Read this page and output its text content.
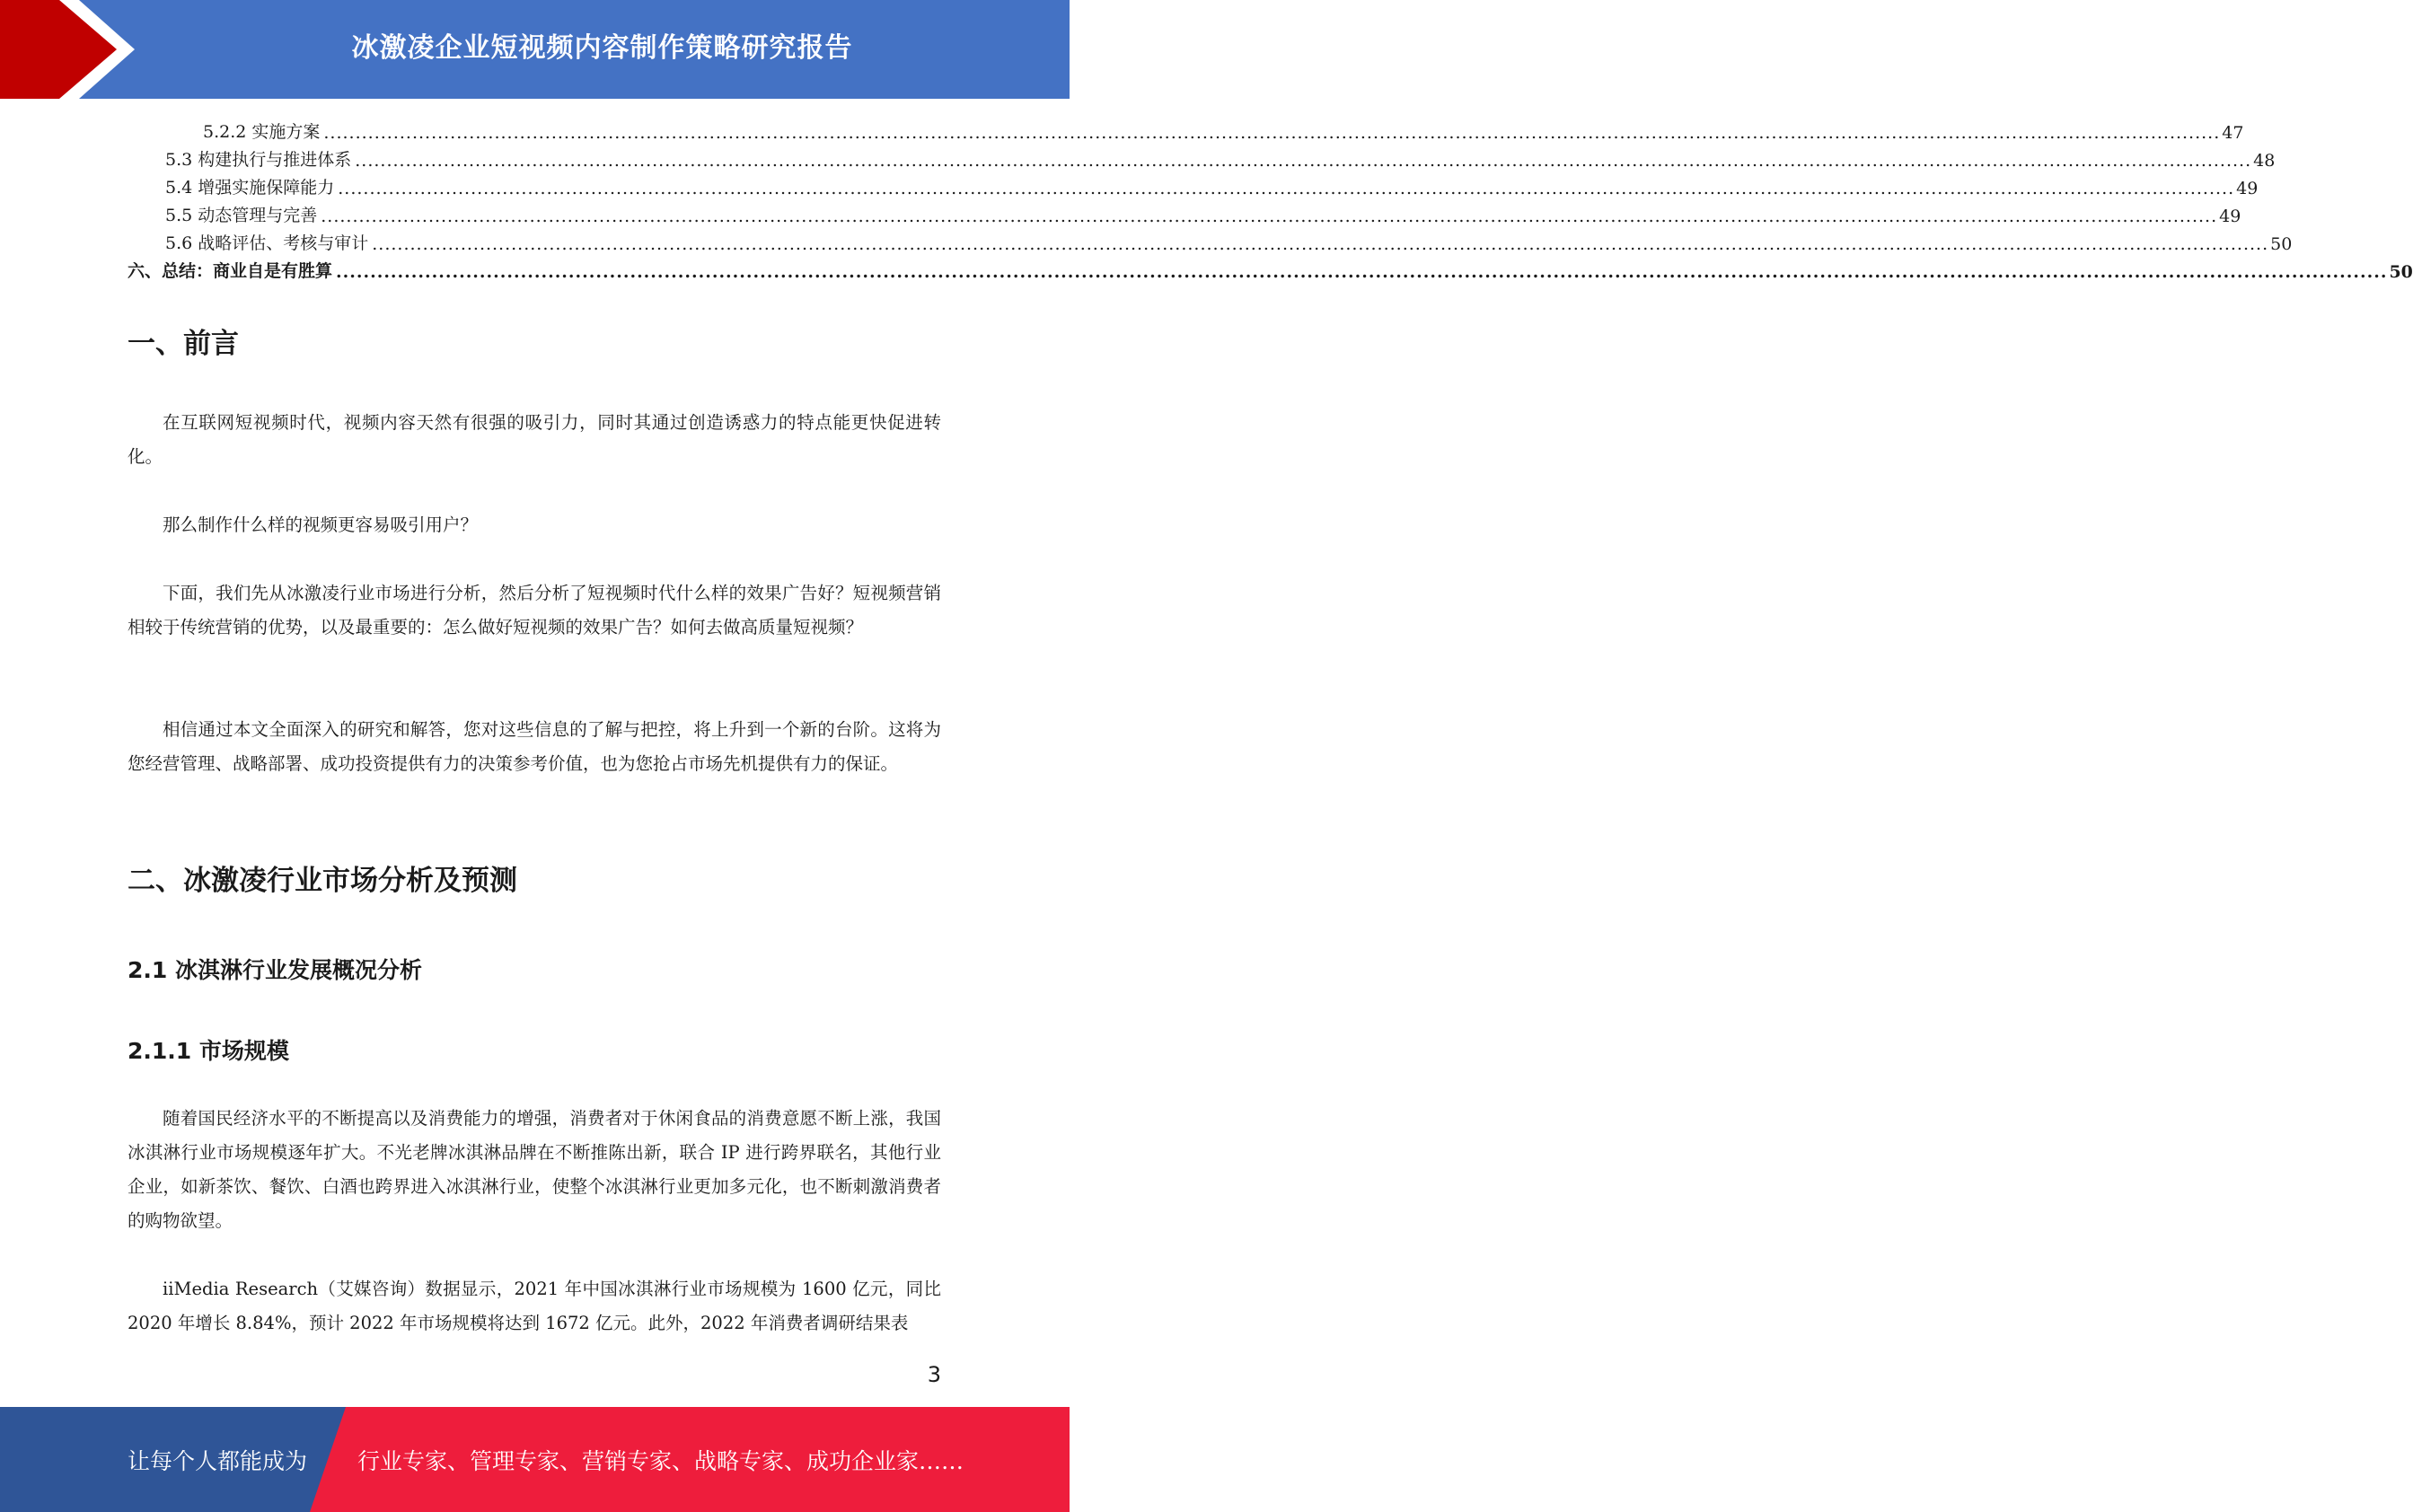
冰激凌企业短视频内容制作策略研究报告
5.2.2 实施方案 ............................................................................................................................................................................................................................................................................................................ 47
5.3 构建执行与推进体系 ............................................................................................................................................................................................................................................................................................................ 48
5.4 增强实施保障能力 ............................................................................................................................................................................................................................................................................................................ 49
5.5 动态管理与完善 ............................................................................................................................................................................................................................................................................................................ 49
5.6 战略评估、考核与审计 ............................................................................................................................................................................................................................................................................................................ 50
六、总结：商业自是有胜算 ............................................................................................................................................................................................................................................................................................................ 50
一、前言

在互联网短视频时代，视频内容天然有很强的吸引力，同时其通过创造诱惑力的特点能更快促进转化。

那么制作什么样的视频更容易吸引用户？

下面，我们先从冰激凌行业市场进行分析，然后分析了短视频时代什么样的效果广告好？短视频营销相较于传统营销的优势，以及最重要的：怎么做好短视频的效果广告？如何去做高质量短视频？

相信通过本文全面深入的研究和解答，您对这些信息的了解与把控，将上升到一个新的台阶。这将为您经营管理、战略部署、成功投资提供有力的决策参考价值，也为您抢占市场先机提供有力的保证。

二、冰激凌行业市场分析及预测
2.1 冰淇淋行业发展概况分析
2.1.1 市场规模

随着国民经济水平的不断提高以及消费能力的增强，消费者对于休闲食品的消费意愿不断上涨，我国冰淇淋行业市场规模逐年扩大。不光老牌冰淇淋品牌在不断推陈出新，联合 IP 进行跨界联名，其他行业企业，如新茶饮、餐饮、白酒也跨界进入冰淇淋行业，使整个冰淇淋行业更加多元化，也不断刺激消费者的购物欲望。

iiMedia Research（艾媒咨询）数据显示，2021 年中国冰淇淋行业市场规模为 1600 亿元，同比 2020 年增长 8.84%，预计 2022 年市场规模将达到 1672 亿元。此外，2022 年消费者调研结果表

3
让每个人都能成为 行业专家、管理专家、营销专家、战略专家、成功企业家……
